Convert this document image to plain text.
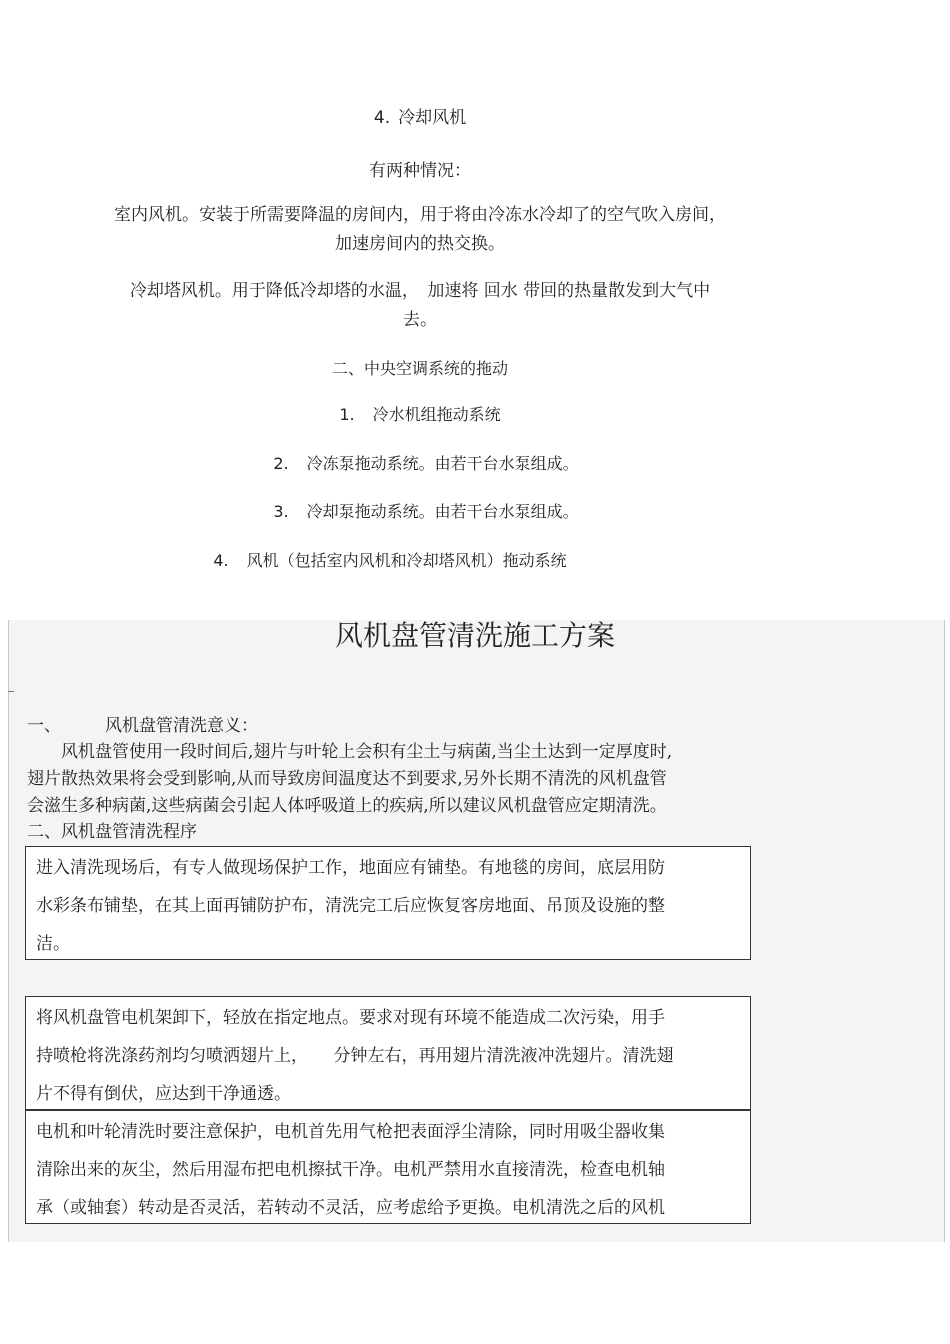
4. 冷却风机
有两种情况：
室内风机。安装于所需要降温的房间内，用于将由冷冻水冷却了的空气吹入房间，
加速房间内的热交换。
冷却塔风机。用于降低冷却塔的水温，　加速将 回水 带回的热量散发到大气中
去。
二、中央空调系统的拖动
1. 冷水机组拖动系统
2. 冷冻泵拖动系统。由若干台水泵组成。
3. 冷却泵拖动系统。由若干台水泵组成。
4. 风机（包括室内风机和冷却塔风机）拖动系统
风机盘管清洗施工方案
一、	风机盘管清洗意义：
　　风机盘管使用一段时间后,翅片与叶轮上会积有尘土与病菌,当尘土达到一定厚度时,
翅片散热效果将会受到影响,从而导致房间温度达不到要求,另外长期不清洗的风机盘管
会滋生多种病菌,这些病菌会引起人体呼吸道上的疾病,所以建议风机盘管应定期清洗。
二、风机盘管清洗程序
进入清洗现场后，有专人做现场保护工作，地面应有铺垫。有地毯的房间，底层用防
水彩条布铺垫，在其上面再铺防护布，清洗完工后应恢复客房地面、吊顶及设施的整
洁。
将风机盘管电机架卸下，轻放在指定地点。要求对现有环境不能造成二次污染，用手
持喷枪将洗涤药剂均匀喷洒翅片上，　　分钟左右，再用翅片清洗液冲洗翅片。清洗翅
片不得有倒伏，应达到干净通透。
电机和叶轮清洗时要注意保护，电机首先用气枪把表面浮尘清除，同时用吸尘器收集
清除出来的灰尘，然后用湿布把电机擦拭干净。电机严禁用水直接清洗，检查电机轴
承（或轴套）转动是否灵活，若转动不灵活，应考虑给予更换。电机清洗之后的风机
